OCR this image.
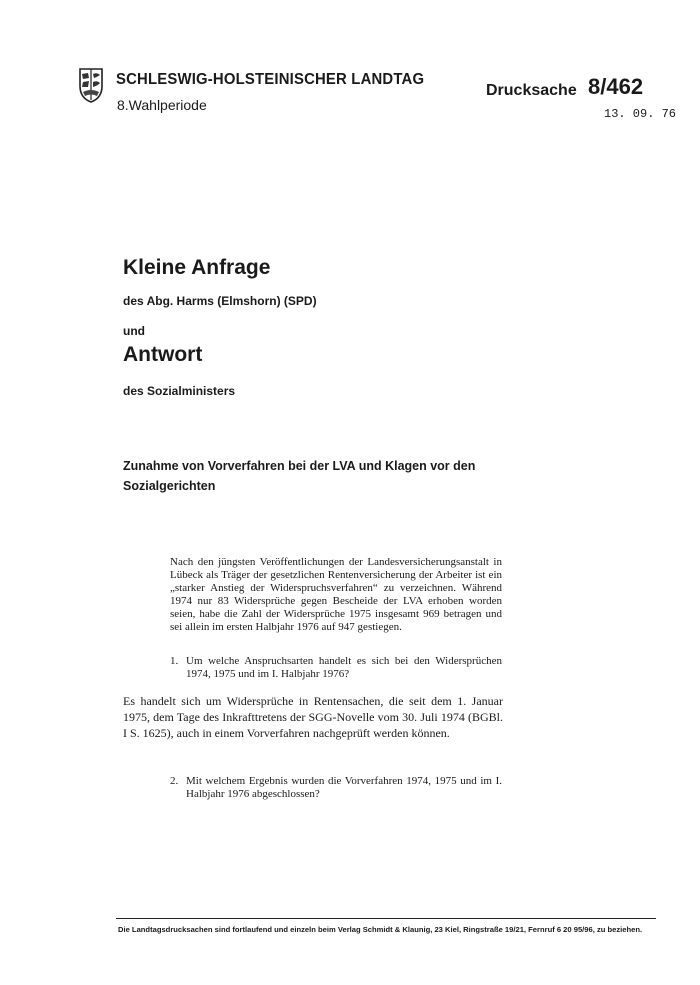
SCHLESWIG-HOLSTEINISCHER LANDTAG
8.Wahlperiode
Drucksache 8/462
13. 09. 76
Kleine Anfrage
des Abg. Harms (Elmshorn) (SPD)
und
Antwort
des Sozialministers
Zunahme von Vorverfahren bei der LVA und Klagen vor den Sozialgerichten
Nach den jüngsten Veröffentlichungen der Landesversicherungsanstalt in Lübeck als Träger der gesetzlichen Rentenversicherung der Arbeiter ist ein „starker Anstieg der Widerspruchsverfahren“ zu verzeichnen. Während 1974 nur 83 Widersprüche gegen Bescheide der LVA erhoben worden seien, habe die Zahl der Widersprüche 1975 insgesamt 969 betragen und sei allein im ersten Halbjahr 1976 auf 947 gestiegen.
1. Um welche Anspruchsarten handelt es sich bei den Widersprüchen 1974, 1975 und im I. Halbjahr 1976?
Es handelt sich um Widersprüche in Rentensachen, die seit dem 1. Januar 1975, dem Tage des Inkrafttretens der SGG-Novelle vom 30. Juli 1974 (BGBl. I S. 1625), auch in einem Vorverfahren nachgeprüft werden können.
2. Mit welchem Ergebnis wurden die Vorverfahren 1974, 1975 und im I. Halbjahr 1976 abgeschlossen?
Die Landtagsdrucksachen sind fortlaufend und einzeln beim Verlag Schmidt & Klaunig, 23 Kiel, Ringstraße 19/21, Fernruf 6 20 95/96, zu beziehen.
